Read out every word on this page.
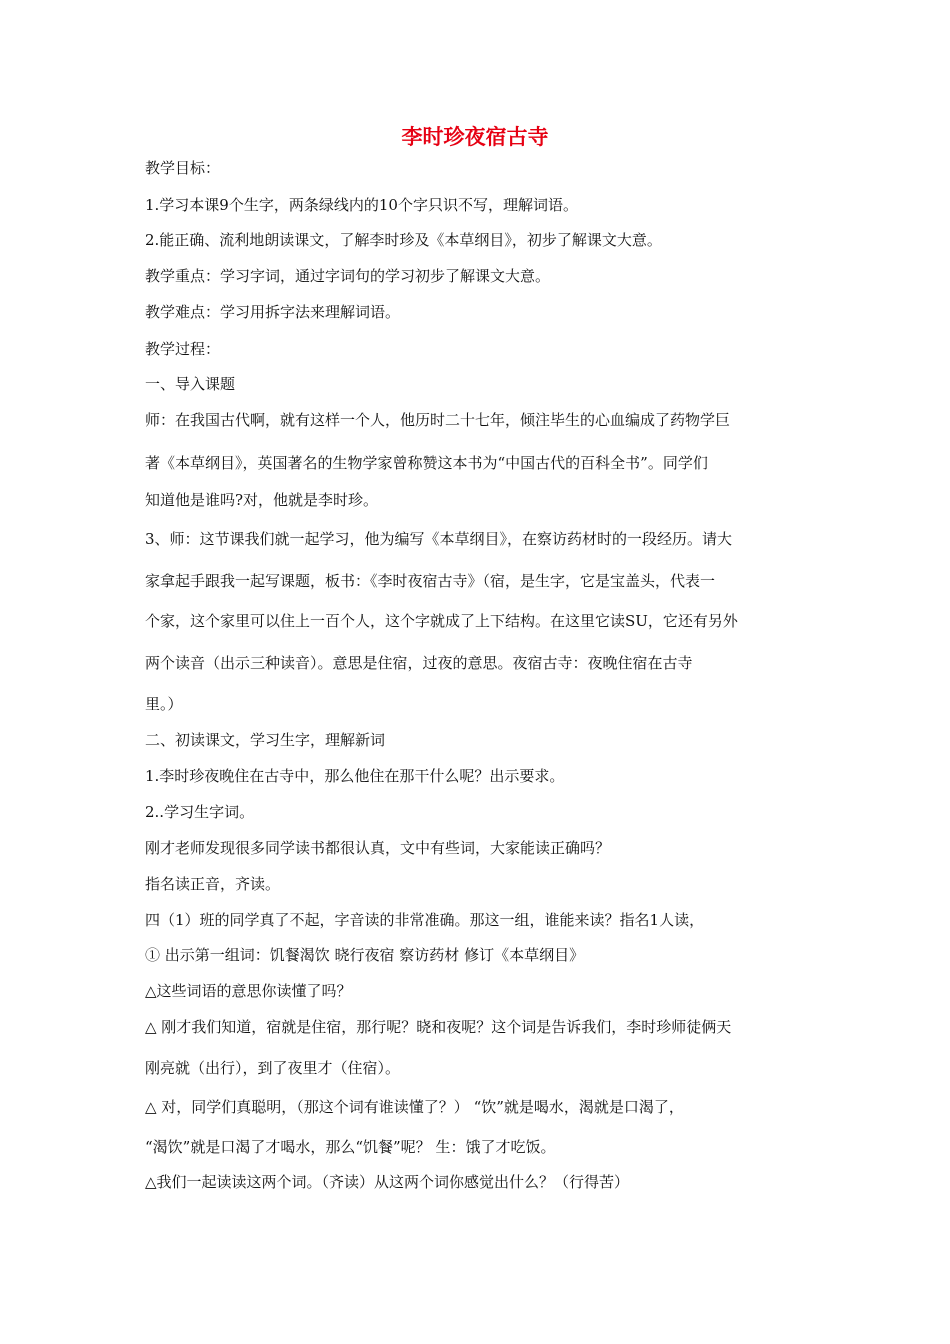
李时珍夜宿古寺
教学目标：
1.学习本课9个生字，两条绿线内的10个字只识不写，理解词语。
2.能正确、流利地朗读课文，了解李时珍及《本草纲目》，初步了解课文大意。
教学重点：学习字词，通过字词句的学习初步了解课文大意。
教学难点：学习用拆字法来理解词语。
教学过程：
一、导入课题
师：在我国古代啊，就有这样一个人，他历时二十七年，倾注毕生的心血编成了药物学巨
著《本草纲目》，英国著名的生物学家曾称赞这本书为“中国古代的百科全书”。同学们
知道他是谁吗?对，他就是李时珍。
3、师：这节课我们就一起学习，他为编写《本草纲目》，在察访药材时的一段经历。请大
家拿起手跟我一起写课题，板书：《李时夜宿古寺》（宿，是生字，它是宝盖头，代表一
个家，这个家里可以住上一百个人，这个字就成了上下结构。在这里它读SU，它还有另外
两个读音（出示三种读音）。意思是住宿，过夜的意思。夜宿古寺：夜晚住宿在古寺
里。）
二、初读课文，学习生字，理解新词
1.李时珍夜晚住在古寺中，那么他住在那干什么呢？出示要求。
2..学习生字词。
刚才老师发现很多同学读书都很认真，文中有些词，大家能读正确吗？
指名读正音，齐读。
四（1）班的同学真了不起，字音读的非常准确。那这一组，谁能来读？指名1人读，
① 出示第一组词：饥餐渴饮 晓行夜宿 察访药材 修订《本草纲目》
△这些词语的意思你读懂了吗？
△ 刚才我们知道，宿就是住宿，那行呢？晓和夜呢？这个词是告诉我们，李时珍师徒俩天
刚亮就（出行），到了夜里才（住宿）。
△ 对，同学们真聪明，（那这个词有谁读懂了？） “饮”就是喝水，渴就是口渴了，
“渴饮”就是口渴了才喝水，那么“饥餐”呢？ 生：饿了才吃饭。
△我们一起读读这两个词。（齐读）从这两个词你感觉出什么？（行得苦）
